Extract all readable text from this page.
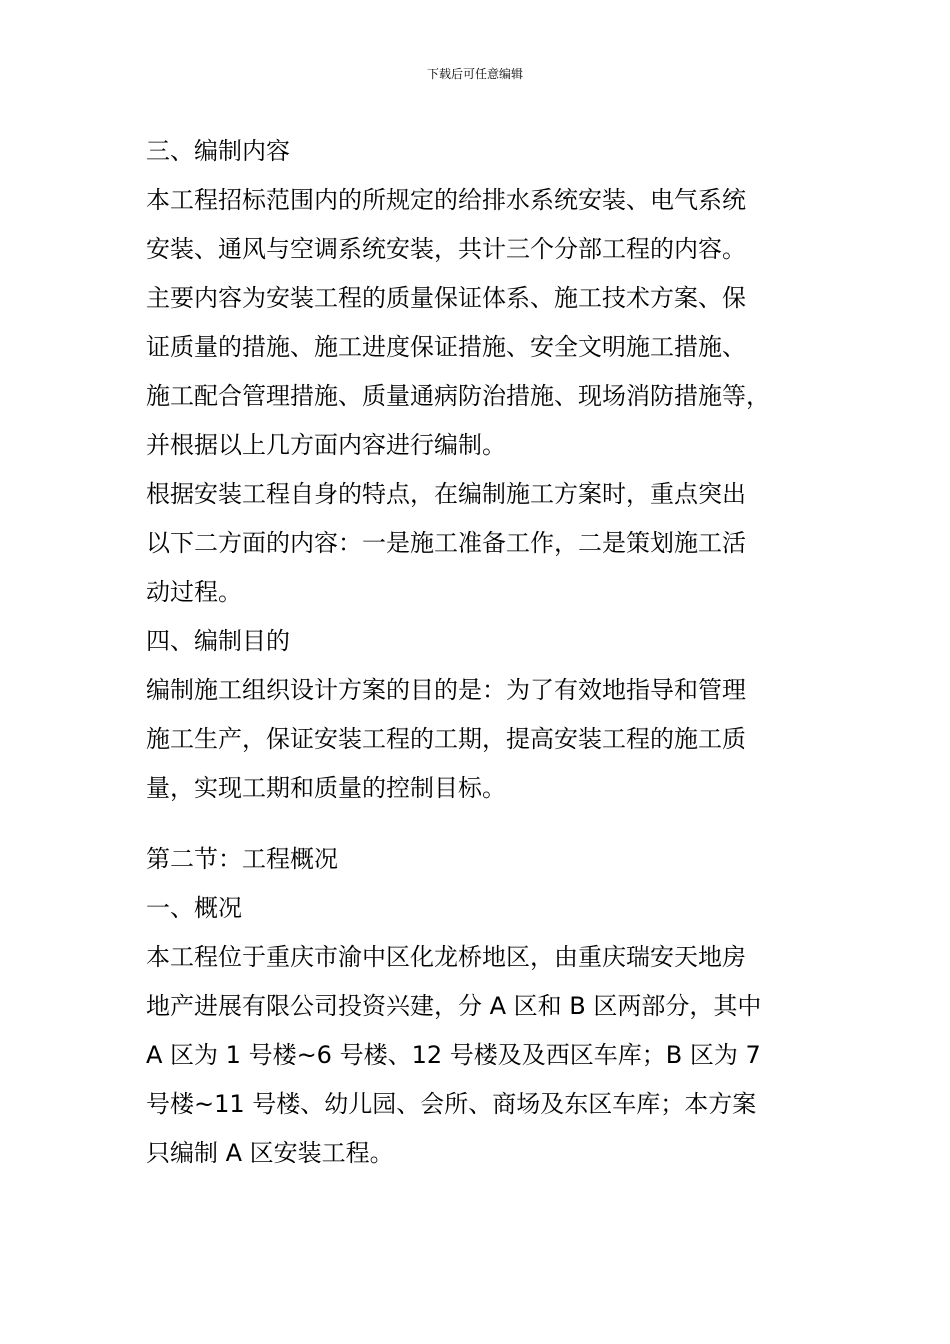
下载后可任意编辑
三、编制内容
本工程招标范围内的所规定的给排水系统安装、电气系统
安装、通风与空调系统安装，共计三个分部工程的内容。
主要内容为安装工程的质量保证体系、施工技术方案、保
证质量的措施、施工进度保证措施、安全文明施工措施、
施工配合管理措施、质量通病防治措施、现场消防措施等，
并根据以上几方面内容进行编制。
根据安装工程自身的特点，在编制施工方案时，重点突出
以下二方面的内容：一是施工准备工作，二是策划施工活
动过程。
四、编制目的
编制施工组织设计方案的目的是：为了有效地指导和管理
施工生产，保证安装工程的工期，提高安装工程的施工质
量，实现工期和质量的控制目标。
第二节：工程概况
一、概况
本工程位于重庆市渝中区化龙桥地区，由重庆瑞安天地房
地产进展有限公司投资兴建，分 A 区和 B 区两部分，其中
A 区为 1 号楼~6 号楼、12 号楼及及西区车库；B 区为 7
号楼~11 号楼、幼儿园、会所、商场及东区车库；本方案
只编制 A 区安装工程。
